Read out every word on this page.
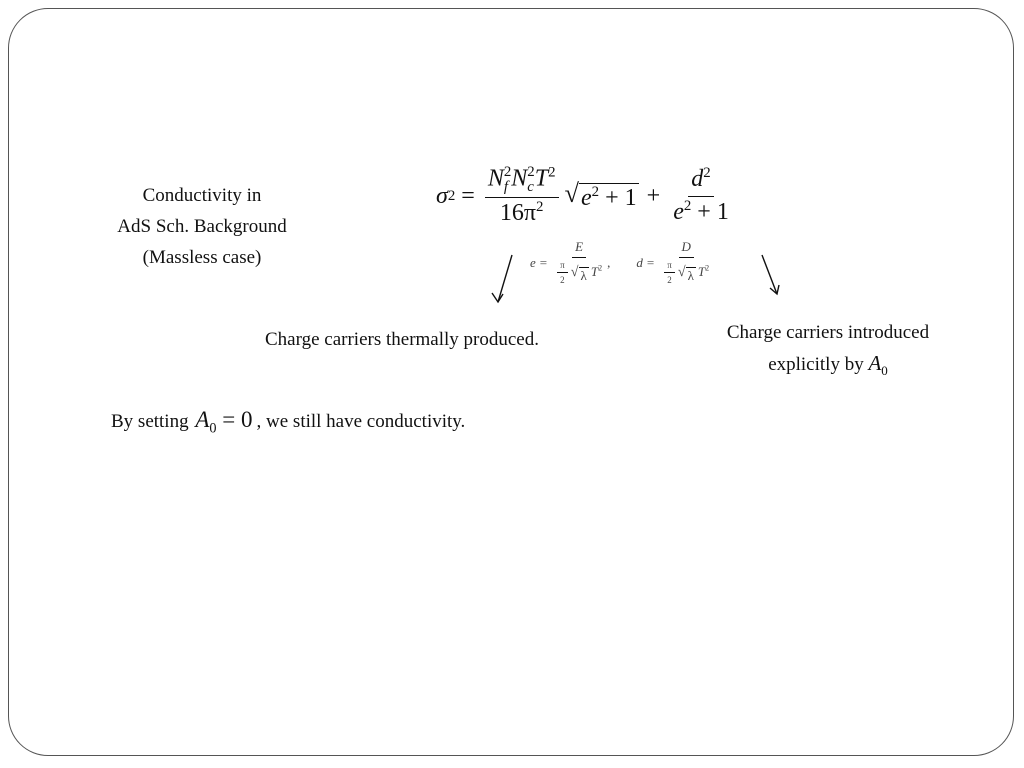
Conductivity in
AdS Sch. Background
(Massless case)
σ 2 = N 2
f N 2
c $T^2$
$16\pi^2$ √ $e^2 + 1 + \frac{d^2}{e^2 + 1}$
$e = \frac{E}{\frac{\pi}{2} √ \lambda T^2}$ , $d = \frac{D}{\frac{\pi}{2} √ \lambda T^2}$
Charge carriers thermally produced.	Charge carriers introduced
explicitly by $A_0$
By setting $A_0 = 0$ , we still have conductivity.
